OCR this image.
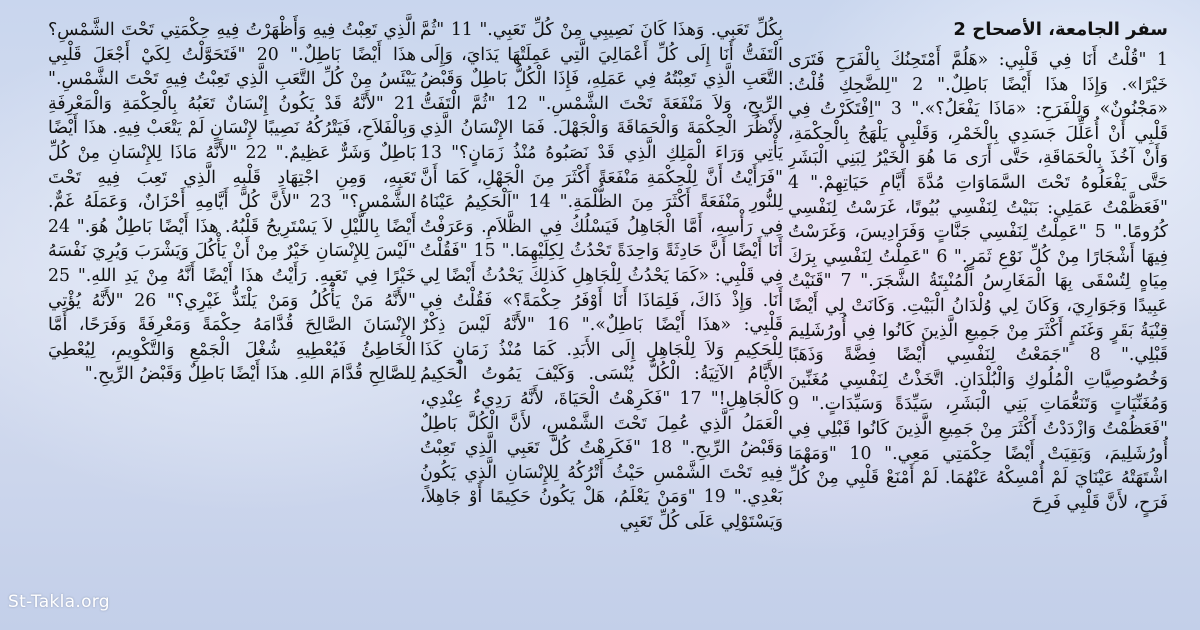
سفر الجامعة، الأصحاح 2
1 "قُلْتُ أَنَا فِي قَلْبِي: «هَلُمَّ أَمْتَحِنُكَ بِالْفَرَحِ فَتَرَى خَيْرًا». وَإِذَا هذَا أَيْضًا بَاطِلٌ." 2 "لِلضَّحِكِ قُلْتُ: «مَجْنُونٌ» وَلِلْفَرَحِ: «مَاذَا يَفْعَلُ؟»." 3 "اِفْتَكَرْتُ فِي قَلْبِي أَنْ أُعَلِّلَ جَسَدِي بِالْخَمْرِ، وَقَلْبِي يَلْهَجُ بِالْحِكْمَةِ، وَأَنْ آخُذَ بِالْحَمَاقَةِ، حَتَّى أَرَى مَا هُوَ الْخَيْرُ لِبَنِي الْبَشَرِ حَتَّى يَفْعَلُوهُ تَحْتَ السَّمَاوَاتِ مُدَّةَ أَيَّامِ حَيَاتِهِمْ." 4 "فَعَظَّمْتُ عَمَلِي: بَنَيْتُ لِنَفْسِي بُيُوتًا، غَرَسْتُ لِنَفْسِي كُرُومًا." 5 "عَمِلْتُ لِنَفْسِي جَنَّاتٍ وَفَرَادِيسَ، وَغَرَسْتُ فِيهَا أَشْجَارًا مِنْ كُلِّ نَوْعِ ثَمَرٍ." 6 "عَمِلْتُ لِنَفْسِي بِرَكَ مِيَاهٍ لِتُسْقَى بِهَا الْمَغَارِسُ الْمُنْبِتَةُ الشَّجَرَ." 7 "قَنَيْتُ عَبِيدًا وَجَوَارِيَ، وَكَانَ لِي وُلْدَانُ الْبَيْتِ. وَكَانَتْ لِي أَيْضًا قِنْيَةُ بَقَرٍ وَغَنَمٍ أَكْثَرَ مِنْ جَمِيعِ الَّذِينَ كَانُوا فِي أُورُشَلِيمَ قَبْلِي." 8 "جَمَعْتُ لِنَفْسِي أَيْضًا فِضَّةً وَذَهَبًا وَخُصُوصِيَّاتِ الْمُلُوكِ وَالْبُلْدَانِ. اتَّخَذْتُ لِنَفْسِي مُغَنِّينَ وَمُغَنِّيَاتٍ وَتَنَعُّمَاتِ بَنِي الْبَشَرِ، سَيِّدَةً وَسَيِّدَاتٍ." 9 "فَعَظُمْتُ وَازْدَدْتُ أَكْثَرَ مِنْ جَمِيعِ الَّذِينَ كَانُوا قَبْلِي فِي أُورُشَلِيمَ، وَبَقِيَتْ أَيْضًا حِكْمَتِي مَعِي." 10 "وَمَهْمَا اشْتَهَتْهُ عَيْنَايَ لَمْ أُمْسِكْهُ عَنْهُمَا. لَمْ أَمْنَعْ قَلْبِي مِنْ كُلِّ فَرَحٍ، لأَنَّ قَلْبِي فَرِحَ
بِكُلِّ تَعَبِي. وَهذَا كَانَ نَصِيبِي مِنْ كُلِّ تَعَبِي." 11 "ثُمَّ الْتَفَتُّ أَنَا إِلَى كُلِّ أَعْمَالِيَ الَّتِي عَمِلَتْهَا يَدَايَ، وَإِلَى التَّعَبِ الَّذِي تَعِبْتُهُ فِي عَمَلِهِ، فَإِذَا الْكُلُّ بَاطِلٌ وَقَبْضُ الرِّيحِ، وَلاَ مَنْفَعَةَ تَحْتَ الشَّمْسِ." 12 "ثُمَّ الْتَفَتُّ لأَنْظُرَ الْحِكْمَةَ وَالْحَمَاقَةَ وَالْجَهْلَ. فَمَا الإِنْسَانُ الَّذِي يَأْتِي وَرَاءَ الْمَلِكِ الَّذِي قَدْ نَصَبُوهُ مُنْذُ زَمَانٍ؟" 13 "فَرَأَيْتُ أَنَّ لِلْحِكْمَةِ مَنْفَعَةً أَكْثَرَ مِنَ الْجَهْلِ، كَمَا أَنَّ لِلنُّورِ مَنْفَعَةً أَكْثَرَ مِنَ الظُّلْمَةِ." 14 "اَلْحَكِيمُ عَيْنَاهُ فِي رَأْسِهِ، أَمَّا الْجَاهِلُ فَيَسْلُكُ فِي الظَّلاَمِ. وَعَرَفْتُ أَنَا أَيْضًا أَنَّ حَادِثَةً وَاحِدَةً تَحْدُثُ لِكِلَيْهِمَا." 15 "فَقُلْتُ فِي قَلْبِي: «كَمَا يَحْدُثُ لِلْجَاهِلِ كَذلِكَ يَحْدُثُ أَيْضًا لِي أَنَا. وَإِذْ ذَاكَ، فَلِمَاذَا أَنَا أَوْفَرُ حِكْمَةً؟» فَقُلْتُ فِي قَلْبِي: «هذَا أَيْضًا بَاطِلٌ»." 16 "لأَنَّهُ لَيْسَ ذِكْرٌ لِلْحَكِيمِ وَلاَ لِلْجَاهِلِ إِلَى الأَبَدِ. كَمَا مُنْذُ زَمَانٍ كَذَا الأَيَّامُ الآتِيَةُ: الْكُلُّ يُنْسَى. وَكَيْفَ يَمُوتُ الْحَكِيمُ كَالْجَاهِلِ!" 17 "فَكَرِهْتُ الْحَيَاةَ، لأَنَّهُ رَدِيءٌ عِنْدِي، الْعَمَلُ الَّذِي عُمِلَ تَحْتَ الشَّمْسِ، لأَنَّ الْكُلَّ بَاطِلٌ وَقَبْضُ الرِّيحِ." 18 "فَكَرِهْتُ كُلَّ تَعَبِي الَّذِي تَعِبْتُ فِيهِ تَحْتَ الشَّمْسِ حَيْثُ أَتْرُكُهُ لِلإِنْسَانِ الَّذِي يَكُونُ بَعْدِي." 19 "وَمَنْ يَعْلَمُ، هَلْ يَكُونُ حَكِيمًا أَوْ جَاهِلاً، وَيَسْتَوْلِي عَلَى كُلِّ تَعَبِي
الَّذِي تَعِبْتُ فِيهِ وَأَظْهَرْتُ فِيهِ حِكْمَتِي تَحْتَ الشَّمْسِ؟ هذَا أَيْضًا بَاطِلٌ." 20 "فَتَحَوَّلْتُ لِكَيْ أَجْعَلَ قَلْبِي يَيْئَسُ مِنْ كُلِّ التَّعَبِ الَّذِي تَعِبْتُ فِيهِ تَحْتَ الشَّمْسِ." 21 "لأَنَّهُ قَدْ يَكُونُ إِنْسَانٌ تَعَبُهُ بِالْحِكْمَةِ وَالْمَعْرِفَةِ وَبِالْفَلاَحِ، فَيَتْرُكُهُ نَصِيبًا لإِنْسَانٍ لَمْ يَتْعَبْ فِيهِ. هذَا أَيْضًا بَاطِلٌ وَشَرٌّ عَظِيمٌ." 22 "لأَنَّهُ مَاذَا لِلإِنْسَانِ مِنْ كُلِّ تَعَبِهِ، وَمِنِ اجْتِهَادِ قَلْبِهِ الَّذِي تَعِبَ فِيهِ تَحْتَ الشَّمْسِ؟" 23 "لأَنَّ كُلَّ أَيَّامِهِ أَحْزَانٌ، وَعَمَلَهُ غَمٌّ. أَيْضًا بِاللَّيْلِ لاَ يَسْتَرِيحُ قَلْبُهُ. هذَا أَيْضًا بَاطِلٌ هُوَ." 24 "لَيْسَ لِلإِنْسَانِ خَيْرٌ مِنْ أَنْ يَأْكُلَ وَيَشْرَبَ وَيُرِيَ نَفْسَهُ خَيْرًا فِي تَعَبِهِ. رَأَيْتُ هذَا أَيْضًا أَنَّهُ مِنْ يَدِ اللهِ." 25 "لأَنَّهُ مَنْ يَأْكُلُ وَمَنْ يَلْتَذُّ غَيْرِي؟" 26 "لأَنَّهُ يُؤْتِي الإِنْسَانَ الصَّالِحَ قُدَّامَهُ حِكْمَةً وَمَعْرِفَةً وَفَرَحًا، أَمَّا الْخَاطِئُ فَيُعْطِيهِ شُغْلَ الْجَمْعِ وَالتَّكْوِيمِ، لِيُعْطِيَ لِلصَّالِحِ قُدَّامَ اللهِ. هذَا أَيْضًا بَاطِلٌ وَقَبْضُ الرِّيحِ."
St-Takla.org
